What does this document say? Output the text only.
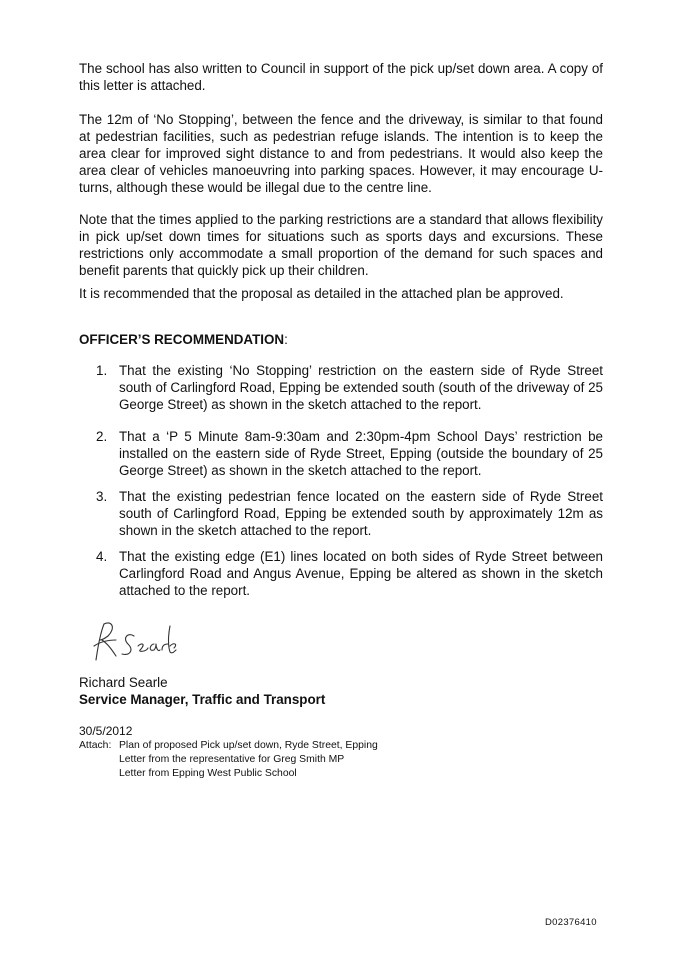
The school has also written to Council in support of the pick up/set down area. A copy of this letter is attached.

The 12m of ‘No Stopping’, between the fence and the driveway, is similar to that found at pedestrian facilities, such as pedestrian refuge islands. The intention is to keep the area clear for improved sight distance to and from pedestrians. It would also keep the area clear of vehicles manoeuvring into parking spaces. However, it may encourage U-turns, although these would be illegal due to the centre line.

Note that the times applied to the parking restrictions are a standard that allows flexibility in pick up/set down times for situations such as sports days and excursions. These restrictions only accommodate a small proportion of the demand for such spaces and benefit parents that quickly pick up their children.

It is recommended that the proposal as detailed in the attached plan be approved.

OFFICER’S RECOMMENDATION:

1. That the existing ‘No Stopping’ restriction on the eastern side of Ryde Street south of Carlingford Road, Epping be extended south (south of the driveway of 25 George Street) as shown in the sketch attached to the report.
2. That a ‘P 5 Minute 8am-9:30am and 2:30pm-4pm School Days’ restriction be installed on the eastern side of Ryde Street, Epping (outside the boundary of 25 George Street) as shown in the sketch attached to the report.
3. That the existing pedestrian fence located on the eastern side of Ryde Street south of Carlingford Road, Epping be extended south by approximately 12m as shown in the sketch attached to the report.
4. That the existing edge (E1) lines located on both sides of Ryde Street between Carlingford Road and Angus Avenue, Epping be altered as shown in the sketch attached to the report.

Richard Searle

Service Manager, Traffic and Transport

30/5/2012

Attach: Plan of proposed Pick up/set down, Ryde Street, Epping
Letter from the representative for Greg Smith MP
Letter from Epping West Public School
D02376410
